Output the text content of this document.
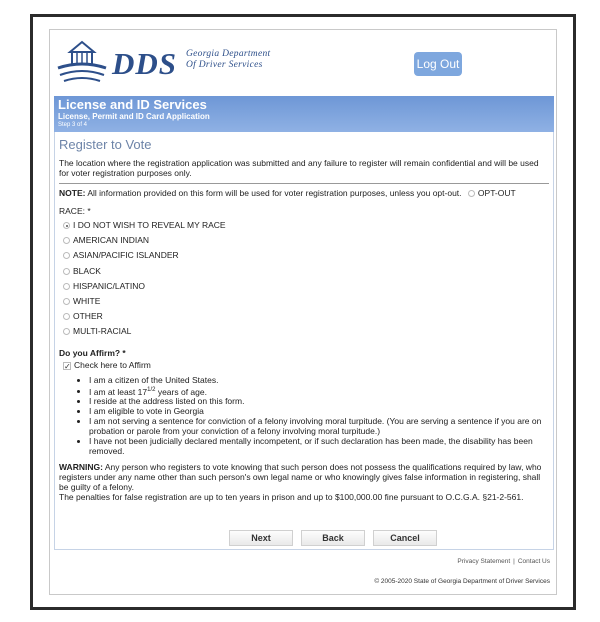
DDS Georgia Department
Of Driver Services	Log Out
License and ID Services
License, Permit and ID Card Application
Step 3 of 4
Register to Vote
The location where the registration application was submitted and any failure to register will remain confidential and will be used for voter registration purposes only.
NOTE: All information provided on this form will be used for voter registration purposes, unless you opt-out. OPT-OUT
RACE: *
I DO NOT WISH TO REVEAL MY RACE
AMERICAN INDIAN
ASIAN/PACIFIC ISLANDER
BLACK
HISPANIC/LATINO
WHITE
OTHER
MULTI-RACIAL
Do you Affirm? *
✓ Check here to Affirm
• I am a citizen of the United States.
• I am at least $17^{1/2}$ years of age.
• I reside at the address listed on this form.
• I am eligible to vote in Georgia
• I am not serving a sentence for conviction of a felony involving moral turpitude. (You are serving a sentence if you are on probation or parole from your conviction of a felony involving moral turpitude.)
• I have not been judicially declared mentally incompetent, or if such declaration has been made, the disability has been removed.
WARNING: Any person who registers to vote knowing that such person does not possess the qualifications required by law, who registers under any name other than such person's own legal name or who knowingly gives false information in registering, shall be guilty of a felony.
The penalties for false registration are up to ten years in prison and up to $100,000.00 fine pursuant to O.C.G.A. §21-2-561.
Next	Back	Cancel
Privacy Statement | Contact Us
© 2005-2020 State of Georgia Department of Driver Services
